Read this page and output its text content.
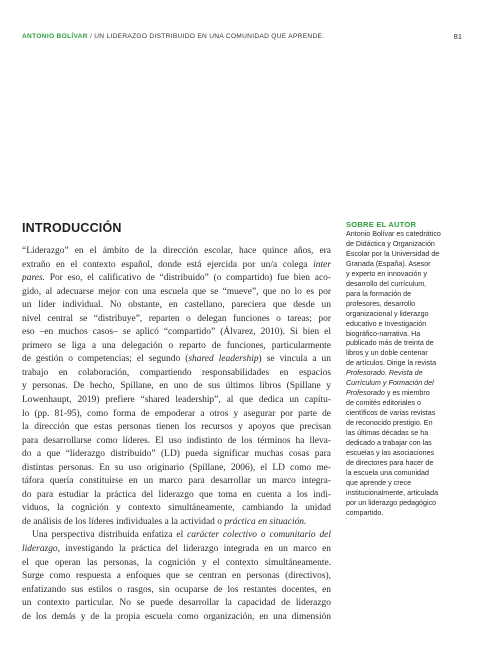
ANTONIO BOLÍVAR / UN LIDERAZGO DISTRIBUIDO EN UNA COMUNIDAD QUE APRENDE.	81
INTRODUCCIÓN
“Liderazgo” en el ámbito de la dirección escolar, hace quince años, era
extraño en el contexto español, donde está ejercida por un/a colega inter
pares. Por eso, el calificativo de “distribuido” (o compartido) fue bien aco-
gido, al adecuarse mejor con una escuela que se “mueve”, que no lo es por
un líder individual. No obstante, en castellano, pareciera que desde un
nivel central se “distribuye”, reparten o delegan funciones o tareas; por
eso –en muchos casos– se aplicó “compartido” (Álvarez, 2010). Si bien el
primero se liga a una delegación o reparto de funciones, particularmente
de gestión o competencias; el segundo (shared leadership) se vincula a un
trabajo en colaboración, compartiendo responsabilidades en espacios
y personas. De hecho, Spillane, en uno de sus últimos libros (Spillane y
Lowenhaupt, 2019) prefiere “shared leadership”, al que dedica un capítu-
lo (pp. 81-95), como forma de empoderar a otros y asegurar por parte de
la dirección que estas personas tienen los recursos y apoyos que precisan
para desarrollarse como líderes. El uso indistinto de los términos ha lleva-
do a que “liderazgo distribuido” (LD) pueda significar muchas cosas para
distintas personas. En su uso originario (Spillane, 2006), el LD como me-
táfora quería constituirse en un marco para desarrollar un marco integra-
do para estudiar la práctica del liderazgo que toma en cuenta a los indi-
viduos, la cognición y contexto simultáneamente, cambiando la unidad
de análisis de los líderes individuales a la actividad o práctica en situación.
Una perspectiva distribuida enfatiza el carácter colectivo o comunitario del
liderazgo, investigando la práctica del liderazgo integrada en un marco en
el que operan las personas, la cognición y el contexto simultáneamente.
Surge como respuesta a enfoques que se centran en personas (directivos),
enfatizando sus estilos o rasgos, sin ocuparse de los restantes docentes, en
un contexto particular. No se puede desarrollar la capacidad de liderazgo
de los demás y de la propia escuela como organización, en una dimensión
SOBRE EL AUTOR
Antonio Bolívar es catedrático
de Didáctica y Organización
Escolar por la Universidad de
Granada (España). Asesor
y experto en innovación y
desarrollo del currículum,
para la formación de
profesores, desarrollo
organizacional y liderazgo
educativo e Investigación
biográfico-narrativa. Ha
publicado más de treinta de
libros y un doble centenar
de artículos. Dirige la revista
Profesorado. Revista de
Currículum y Formación del
Profesorado y es miembro
de comités editoriales o
científicos de varias revistas
de reconocido prestigio. En
las últimas décadas se ha
dedicado a trabajar con las
escuelas y las asociaciones
de directores para hacer de
la escuela una comunidad
que aprende y crece
institucionalmente, articulada
por un liderazgo pedagógico
compartido.
